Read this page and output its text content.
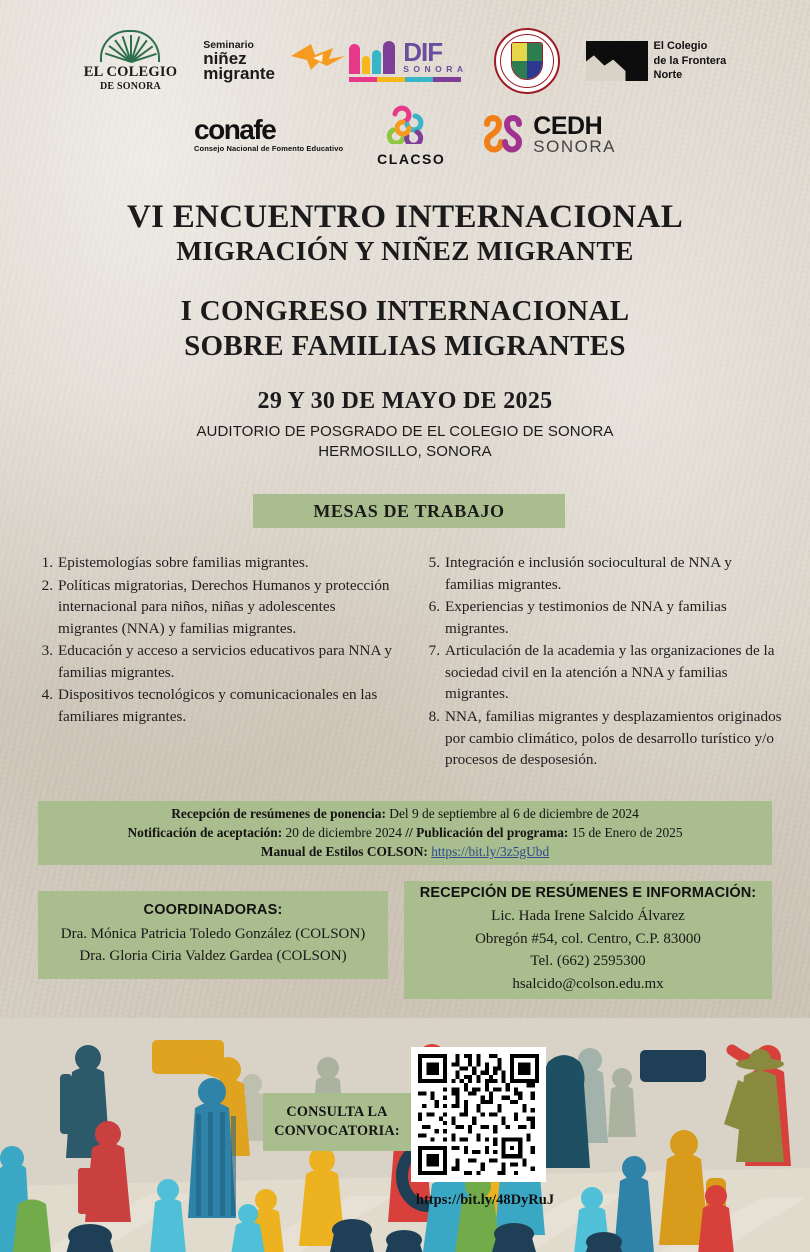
EL COLEGIO
DE SONORA
Seminario
niñez
migrante
DIF
SONORA
El Colegio
de la Frontera
Norte
conafe
Consejo Nacional de Fomento Educativo
CLACSO
CEDH
SONORA
VI ENCUENTRO INTERNACIONAL
MIGRACIÓN Y NIÑEZ MIGRANTE
I CONGRESO INTERNACIONAL
SOBRE FAMILIAS MIGRANTES
29 Y 30 DE MAYO DE 2025
AUDITORIO DE POSGRADO DE EL COLEGIO DE SONORA
HERMOSILLO, SONORA
MESAS DE TRABAJO
1. Epistemologías sobre familias migrantes.
2. Políticas migratorias, Derechos Humanos y protección internacional para niños, niñas y adolescentes migrantes (NNA) y familias migrantes.
3. Educación y acceso a servicios educativos para NNA y familias migrantes.
4. Dispositivos tecnológicos y comunicacionales en las familiares migrantes.
5. Integración e inclusión sociocultural de NNA y familias migrantes.
6. Experiencias y testimonios de NNA y familias migrantes.
7. Articulación de la academia y las organizaciones de la sociedad civil en la atención a NNA y familias migrantes.
8. NNA, familias migrantes y desplazamientos originados por cambio climático, polos de desarrollo turístico y/o procesos de desposesión.
Recepción de resúmenes de ponencia: Del 9 de septiembre al 6 de diciembre de 2024
Notificación de aceptación: 20 de diciembre 2024 // Publicación del programa: 15 de Enero de 2025
Manual de Estilos COLSON: https://bit.ly/3z5gUbd
COORDINADORAS:
Dra. Mónica Patricia Toledo González (COLSON)
Dra. Gloria Ciria Valdez Gardea (COLSON)
RECEPCIÓN DE RESÚMENES E INFORMACIÓN:
Lic. Hada Irene Salcido Álvarez
Obregón #54, col. Centro, C.P. 83000
Tel. (662) 2595300
hsalcido@colson.edu.mx
CONSULTA LA
CONVOCATORIA:
https://bit.ly/48DyRuJ
